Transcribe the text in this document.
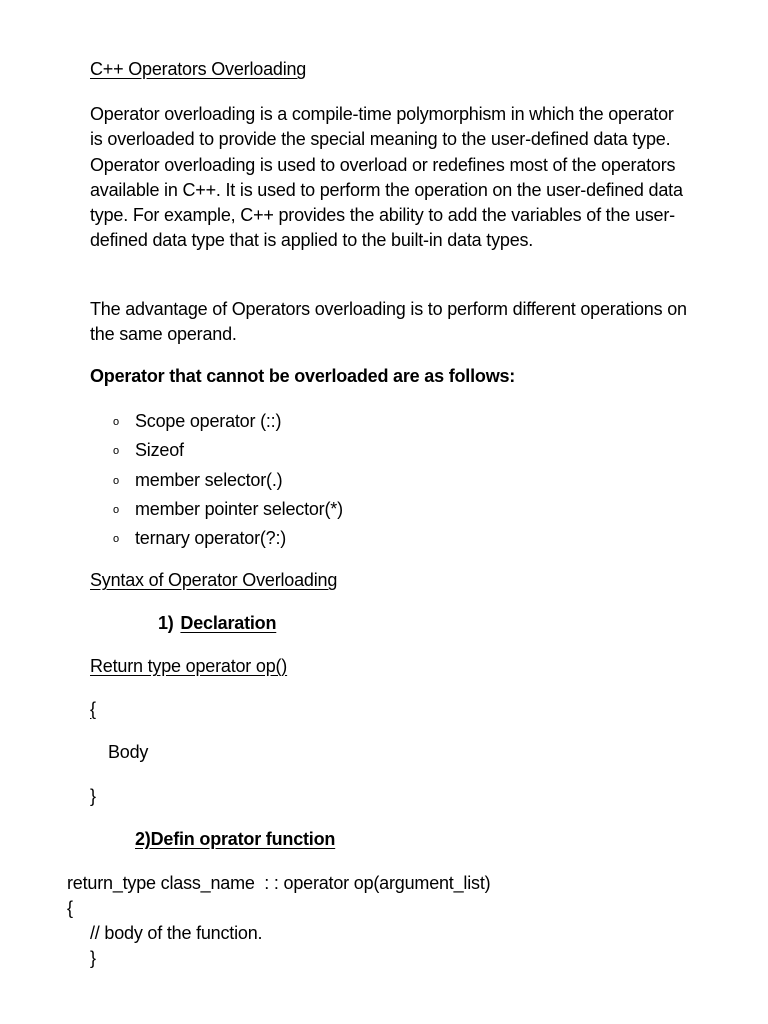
C++ Operators Overloading
Operator overloading is a compile-time polymorphism in which the operator is overloaded to provide the special meaning to the user-defined data type. Operator overloading is used to overload or redefines most of the operators available in C++. It is used to perform the operation on the user-defined data type. For example, C++ provides the ability to add the variables of the user-defined data type that is applied to the built-in data types.
The advantage of Operators overloading is to perform different operations on the same operand.
Operator that cannot be overloaded are as follows:
o Scope operator (::)
o Sizeof
o member selector(.)
o member pointer selector(*)
o ternary operator(?:)
Syntax of Operator Overloading
1) Declaration
Return type operator op()
{
Body
}
2)Defin oprator function
return_type class_name  : : operator op(argument_list)
{
// body of the function.
}
